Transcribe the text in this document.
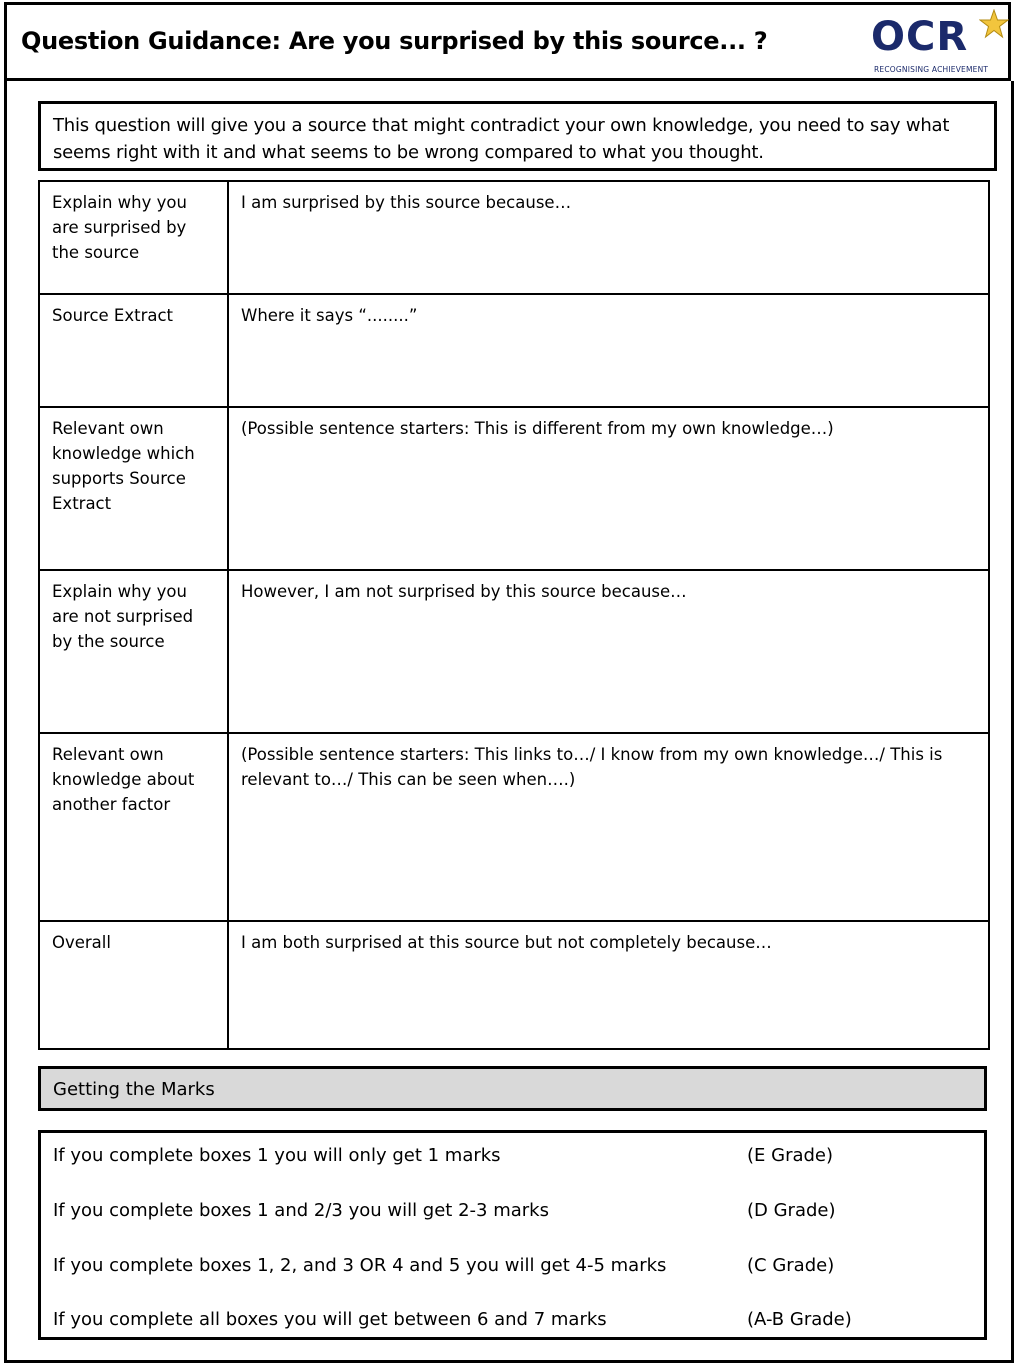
Question Guidance: Are you surprised by this source... ?	OCR
RECOGNISING ACHIEVEMENT
This question will give you a source that might contradict your own knowledge, you need to say what seems right with it and what seems to be wrong compared to what you thought.
Explain why you are surprised by the source	I am surprised by this source because…
Source Extract	Where it says “........”
Relevant own knowledge which supports Source Extract	(Possible sentence starters: This is different from my own knowledge…)
Explain why you are not surprised by the source	However, I am not surprised by this source because…
Relevant own knowledge about another factor	(Possible sentence starters: This links to…/ I know from my own knowledge…/ This is relevant to…/ This can be seen when….)
Overall	I am both surprised at this source but not completely because…
Getting the Marks
If you complete boxes 1 you will only get 1 marks	(E Grade)
If you complete boxes 1 and 2/3 you will get 2-3 marks	(D Grade)
If you complete boxes 1, 2, and 3 OR 4 and 5 you will get 4-5 marks	(C Grade)
If you complete all boxes you will get between 6 and 7 marks	(A-B Grade)
